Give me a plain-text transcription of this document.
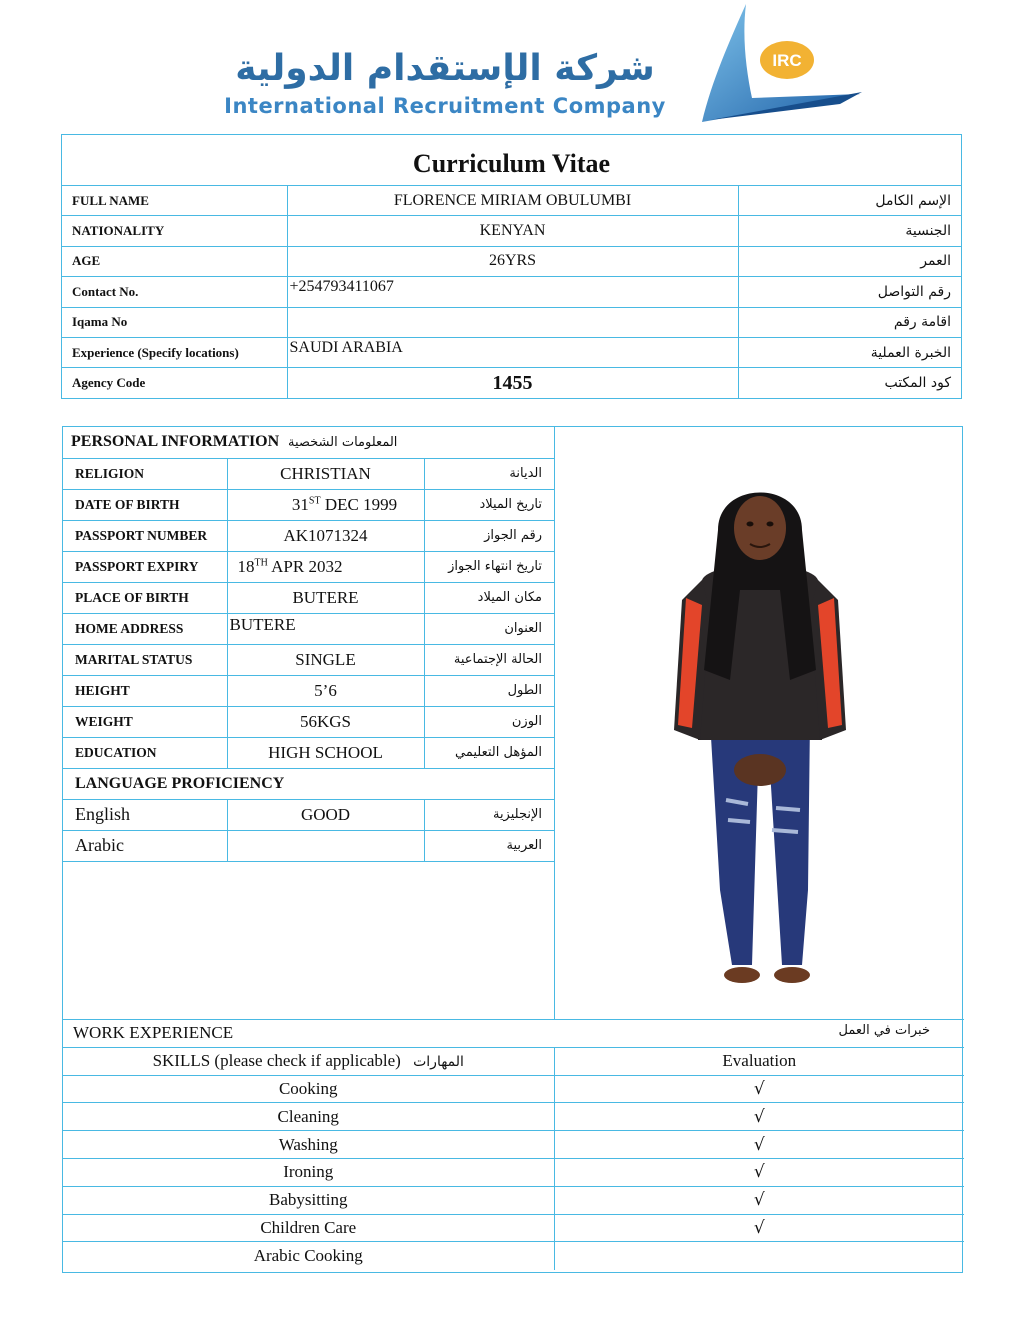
شركة الإستقدام الدولية
International Recruitment Company
IRC
Curriculum Vitae
FULL NAME	FLORENCE MIRIAM OBULUMBI	الإسم الكامل
NATIONALITY	KENYAN	الجنسية
AGE	26YRS	العمر
Contact No.	+254793411067	رقم التواصل
Iqama No		اقامة رقم
Experience (Specify locations)	SAUDI ARABIA	الخبرة العملية
Agency Code	1455	كود المكتب
PERSONAL INFORMATION		المعلومات الشخصية
RELIGION	CHRISTIAN	الديانة
DATE OF BIRTH	31ST DEC 1999	تاريخ الميلاد
PASSPORT NUMBER	AK1071324	رقم الجواز
PASSPORT EXPIRY	18TH APR 2032	تاريخ انتهاء الجواز
PLACE OF BIRTH	BUTERE	مكان الميلاد
HOME ADDRESS	BUTERE	العنوان
MARITAL STATUS	SINGLE	الحالة الإجتماعية
HEIGHT	5’6	الطول
WEIGHT	56KGS	الوزن
EDUCATION	HIGH SCHOOL	المؤهل التعليمي
LANGUAGE PROFICIENCY		
English	GOOD	الإنجليزية
Arabic		العربية
WORK EXPERIENCE خبرات في العمل	

SKILLS (please check if applicable) المهارات	Evaluation
Cooking	√
Cleaning	√
Washing	√
Ironing	√
Babysitting	√
Children Care	√
Arabic Cooking	
